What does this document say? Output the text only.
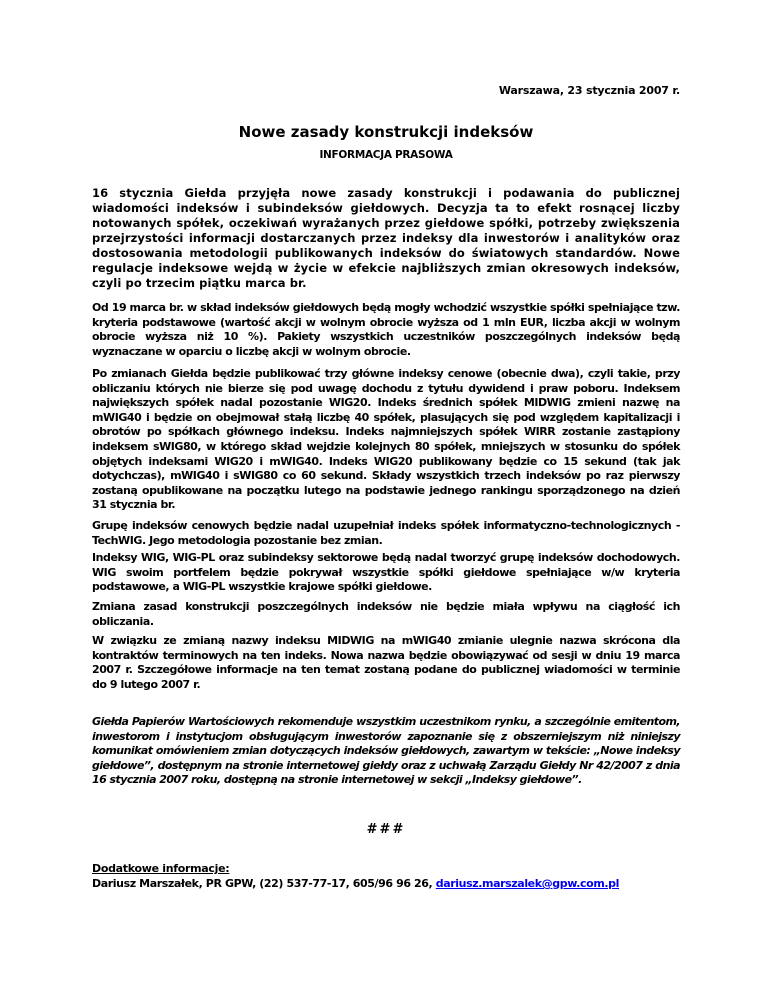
Warszawa, 23 stycznia 2007 r.
Nowe zasady konstrukcji indeksów
INFORMACJA PRASOWA
16 stycznia Giełda przyjęła nowe zasady konstrukcji i podawania do publicznej wiadomości indeksów i subindeksów giełdowych. Decyzja ta to efekt rosnącej liczby notowanych spółek, oczekiwań wyrażanych przez giełdowe spółki, potrzeby zwiększenia przejrzystości informacji dostarczanych przez indeksy dla inwestorów i analityków oraz dostosowania metodologii publikowanych indeksów do światowych standardów. Nowe regulacje indeksowe wejdą w życie w efekcie najbliższych zmian okresowych indeksów, czyli po trzecim piątku marca br.
Od 19 marca br. w skład indeksów giełdowych będą mogły wchodzić wszystkie spółki spełniające tzw. kryteria podstawowe (wartość akcji w wolnym obrocie wyższa od 1 mln EUR, liczba akcji w wolnym obrocie wyższa niż 10 %). Pakiety wszystkich uczestników poszczególnych indeksów będą wyznaczane w oparciu o liczbę akcji w wolnym obrocie.
Po zmianach Giełda będzie publikować trzy główne indeksy cenowe (obecnie dwa), czyli takie, przy obliczaniu których nie bierze się pod uwagę dochodu z tytułu dywidend i praw poboru. Indeksem największych spółek nadal pozostanie WIG20. Indeks średnich spółek MIDWIG zmieni nazwę na mWIG40 i będzie on obejmował stałą liczbę 40 spółek, plasujących się pod względem kapitalizacji i obrotów po spółkach głównego indeksu. Indeks najmniejszych spółek WIRR zostanie zastąpiony indeksem sWIG80, w którego skład wejdzie kolejnych 80 spółek, mniejszych w stosunku do spółek objętych indeksami WIG20 i mWIG40. Indeks WIG20 publikowany będzie co 15 sekund (tak jak dotychczas), mWIG40 i sWIG80 co 60 sekund. Składy wszystkich trzech indeksów po raz pierwszy zostaną opublikowane na początku lutego na podstawie jednego rankingu sporządzonego na dzień 31 stycznia br.
Grupę indeksów cenowych będzie nadal uzupełniał indeks spółek informatyczno-technologicznych - TechWIG. Jego metodologia pozostanie bez zmian.
Indeksy WIG, WIG-PL oraz subindeksy sektorowe będą nadal tworzyć grupę indeksów dochodowych. WIG swoim portfelem będzie pokrywał wszystkie spółki giełdowe spełniające w/w kryteria podstawowe, a WIG-PL wszystkie krajowe spółki giełdowe.
Zmiana zasad konstrukcji poszczególnych indeksów nie będzie miała wpływu na ciągłość ich obliczania.
W związku ze zmianą nazwy indeksu MIDWIG na mWIG40 zmianie ulegnie nazwa skrócona dla kontraktów terminowych na ten indeks. Nowa nazwa będzie obowiązywać od sesji w dniu 19 marca 2007 r. Szczegółowe informacje na ten temat zostaną podane do publicznej wiadomości w terminie do 9 lutego 2007 r.
Giełda Papierów Wartościowych rekomenduje wszystkim uczestnikom rynku, a szczególnie emitentom, inwestorom i instytucjom obsługującym inwestorów zapoznanie się z obszerniejszym niż niniejszy komunikat omówieniem zmian dotyczących indeksów giełdowych, zawartym w tekście: „Nowe indeksy giełdowe”, dostępnym na stronie internetowej giełdy oraz z uchwałą Zarządu Giełdy Nr 42/2007 z dnia 16 stycznia 2007 roku, dostępną na stronie internetowej w sekcji „Indeksy giełdowe”.
###
Dodatkowe informacje:
Dariusz Marszałek, PR GPW, (22) 537-77-17, 605/96 96 26, dariusz.marszalek@gpw.com.pl
